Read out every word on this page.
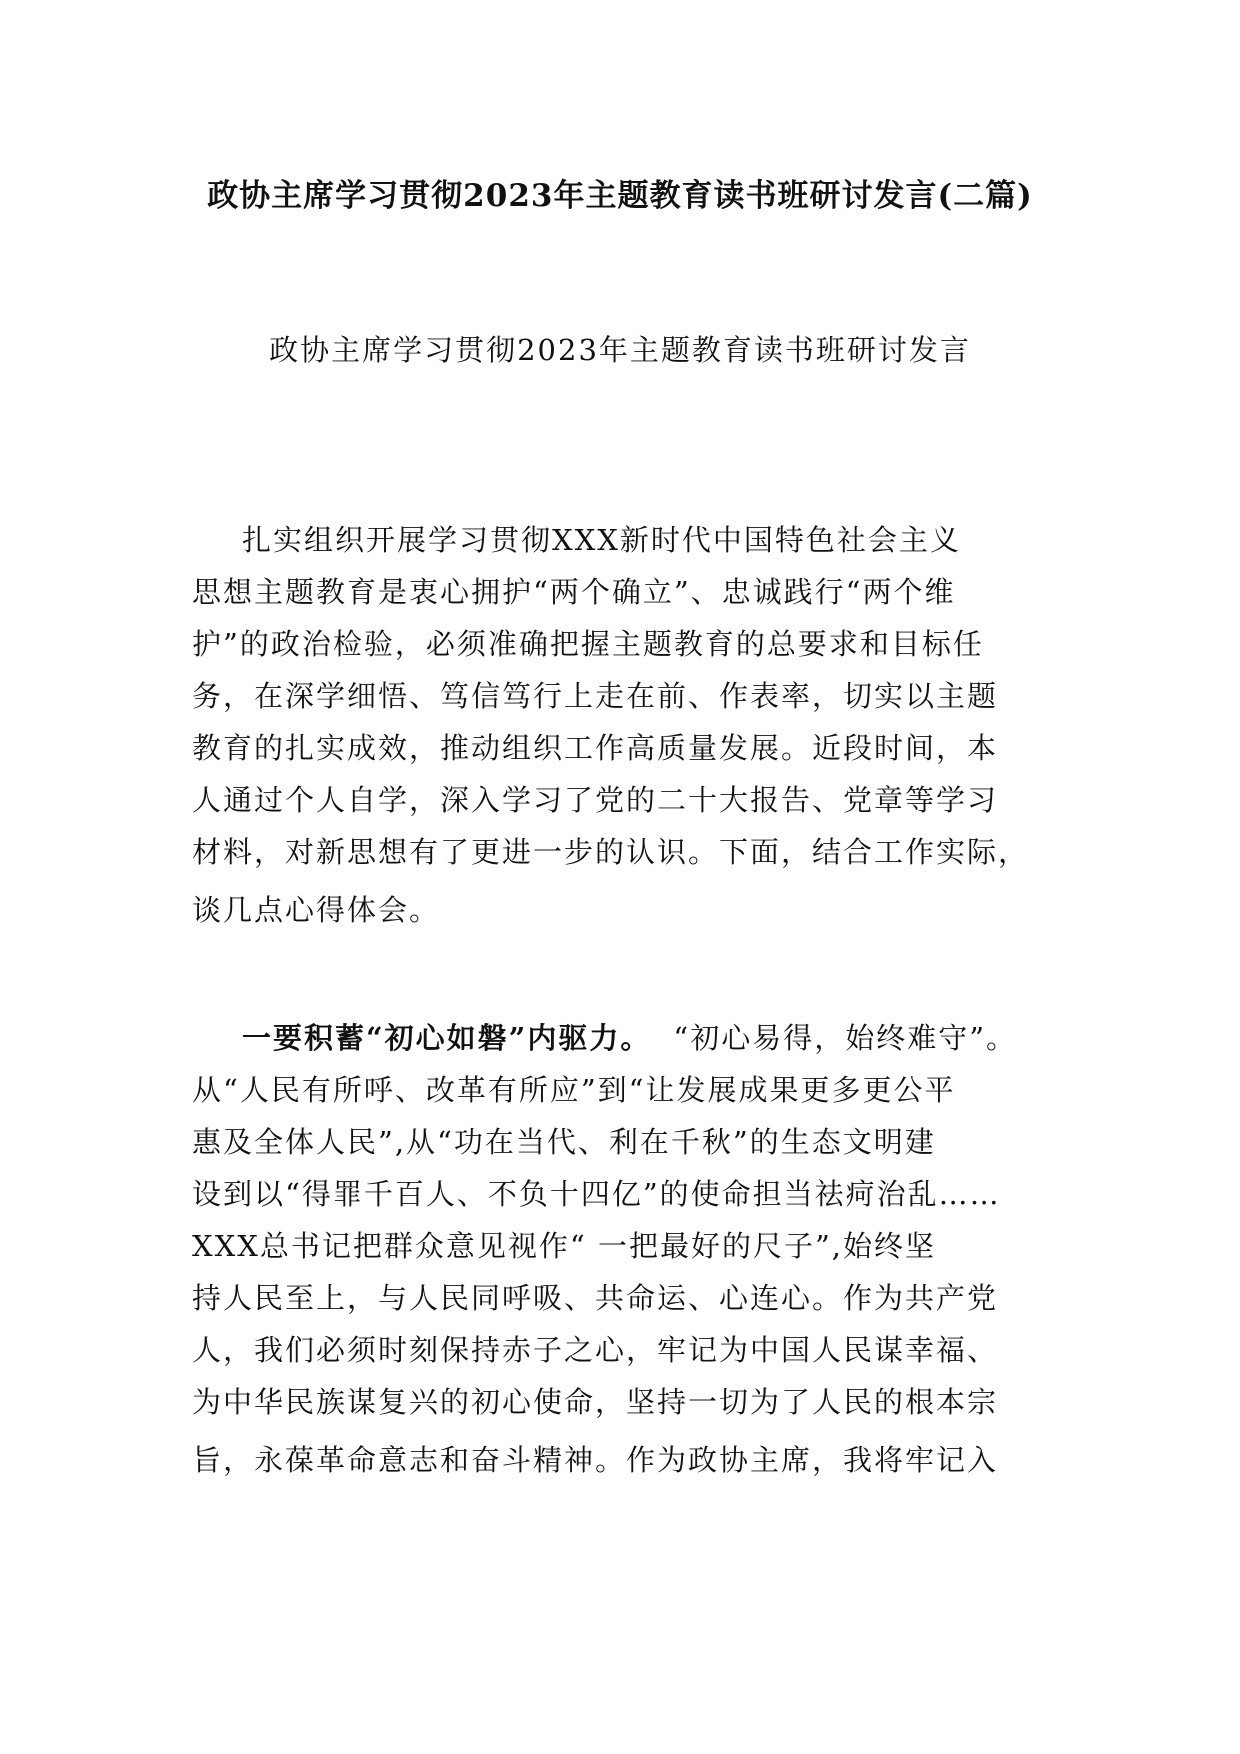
政协主席学习贯彻2023年主题教育读书班研讨发言(二篇)
政协主席学习贯彻2023年主题教育读书班研讨发言
扎实组织开展学习贯彻XXX新时代中国特色社会主义
思想主题教育是衷心拥护“两个确立”、忠诚践行“两个维
护”的政治检验，必须准确把握主题教育的总要求和目标任
务，在深学细悟、笃信笃行上走在前、作表率，切实以主题
教育的扎实成效，推动组织工作高质量发展。近段时间，本
人通过个人自学，深入学习了党的二十大报告、党章等学习
材料，对新思想有了更进一步的认识。下面，结合工作实际，
谈几点心得体会。
一要积蓄“初心如磐”内驱力。 “初心易得，始终难守”。
从“人民有所呼、改革有所应”到“让发展成果更多更公平
惠及全体人民”,从“功在当代、利在千秋”的生态文明建
设到以“得罪千百人、不负十四亿”的使命担当祛疴治乱……
XXX总书记把群众意见视作“ 一把最好的尺子”,始终坚
持人民至上，与人民同呼吸、共命运、心连心。作为共产党
人，我们必须时刻保持赤子之心，牢记为中国人民谋幸福、
为中华民族谋复兴的初心使命，坚持一切为了人民的根本宗
旨，永葆革命意志和奋斗精神。作为政协主席，我将牢记入
